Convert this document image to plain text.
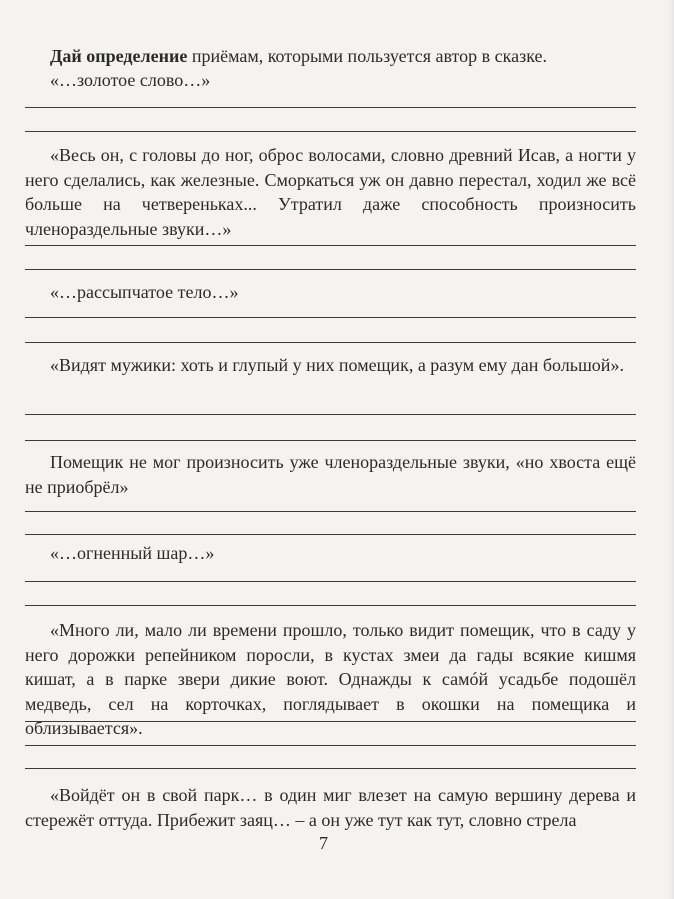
Дай определение приёмам, которыми пользуется автор в сказке.

«…золотое слово…»

«Весь он, с головы до ног, оброс волосами, словно древний Исав, а ногти у него сделались, как железные. Сморкаться уж он давно перестал, ходил же всё больше на четвереньках... Утратил даже способность произносить членораздельные звуки…»

«…рассыпчатое тело…»

«Видят мужики: хоть и глупый у них помещик, а разум ему дан большой».

Помещик не мог произносить уже членораздельные звуки, «но хвоста ещё не приобрёл»

«…огненный шар…»

«Много ли, мало ли времени прошло, только видит помещик, что в саду у него дорожки репейником поросли, в кустах змеи да гады всякие кишмя кишат, а в парке звери дикие воют. Однажды к самóй усадьбе подошёл медведь, сел на корточках, поглядывает в окошки на помещика и облизывается».

«Войдёт он в свой парк… в один миг влезет на самую вершину дерева и стережёт оттуда. Прибежит заяц… – а он уже тут как тут, словно стрела

7
